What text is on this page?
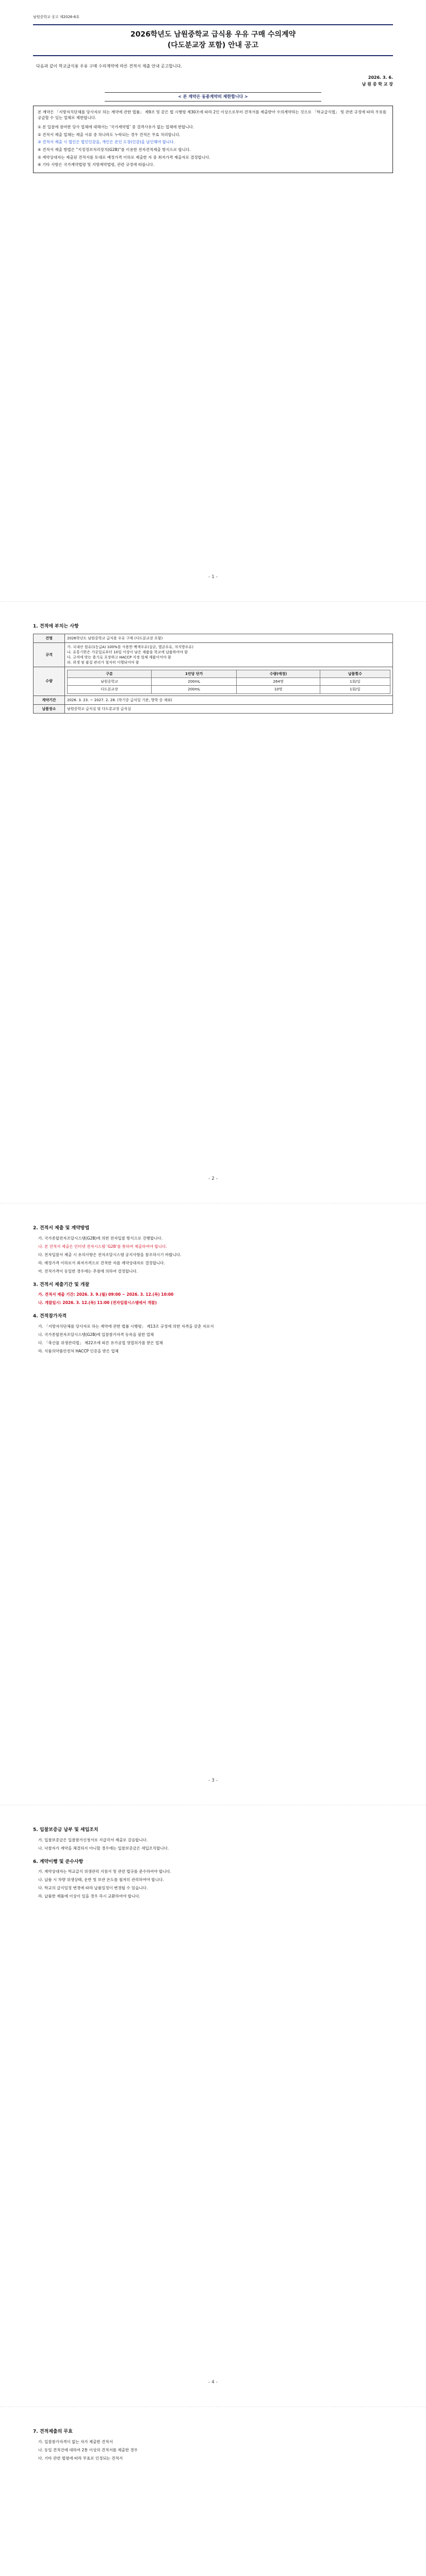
남원중학교 공고 제2026-6호
2026학년도 남원중학교 급식용 우유 구매 수의계약
(다도분교장 포함) 안내 공고
다음과 같이 학교급식용 우유 구매 수의계약에 따른 견적서 제출 안내 공고합니다.
2026. 3. 6.
남 원 중 학 교 장
< 본 계약은 동종계약의 제한합니다 >

본 계약은 「지방자치단체를 당사자로 하는 계약에 관한 법률」 제9조 및 같은 법 시행령 제30조에 따라 2인 이상으로부터 견적서를 제출받아 수의계약하는 것으로 「학교급식법」 및 관련 규정에 따라 우유를 공급할 수 있는 업체로 제한합니다.

① 본 입찰에 참여한 당사 업체에 대해서는 ‘국가계약법’ 중 결격사유가 없는 업체에 한합니다.
② 견적서 제출 업체는 제출 서류 중 하나라도 누락되는 경우 견적은 무효 처리합니다.
③ 견적서 제출 시 법인은 법인인감을, 개인은 본인 도장(인감)을 날인해야 합니다.
④ 견적서 제출 방법은 “지정정보처리장치(G2B)”를 이용한 전자견적제출 방식으로 합니다.
⑤ 계약상대자는 제출된 견적서를 토대로 예정가격 이하로 제출한 자 중 최저가격 제출자로 결정합니다.
⑥ 기타 사항은 국가계약법령 및 지방계약법령, 관련 규정에 따릅니다.
- 1 -
1. 견적에 부치는 사항
건명	2026학년도 남원중학교 급식용 우유 구매 (다도분교장 포함)
규격	
가. 국내산 원유(1등급A) 100%를 사용한 백색우유(살균, 멸균우유, 저지방우유)
나. 유통기한은 가공일로부터 10일 이상이 남은 제품을 학교에 납품하여야 함
다. 규격에 맞는 용기로 포장하고 HACCP 지정 업체 제품이어야 함
라. 위생 및 품질 관리가 철저히 이행되어야 함

수량	
구분	1인당 단가	수량(예정)	납품횟수
남원중학교	200mL	264명	1회/일
다도분교장	200mL	10명	1회/일

계약기간	2026. 3. 23. ~ 2027. 2. 28. (학기중 급식일 기준, 방학 중 제외)
납품장소	남원중학교 급식실 및 다도분교장 급식실
- 2 -
2. 견적서 제출 및 계약방법

가. 국가종합전자조달시스템(G2B)에 의한 전자입찰 방식으로 진행합니다.

나. 본 견적서 제출은 인터넷 전자시스템 ‘G2B’를 통하여 제출하여야 합니다.

다. 전자입찰서 제출 시 유의사항은 전자조달시스템 공지사항을 참조하시기 바랍니다.

라. 예정가격 이하로서 최저가격으로 견적한 자를 계약상대자로 결정합니다.

마. 견적가격이 동일한 경우에는 추첨에 의하여 결정합니다.

3. 견적서 제출기간 및 개찰

가. 견적서 제출 기간: 2026. 3. 9.(월) 09:00 ~ 2026. 3. 12.(목) 10:00

나. 개찰일시: 2026. 3. 12.(목) 11:00 (전자입찰시스템에서 개찰)

4. 견적참가자격

가. 「지방자치단체를 당사자로 하는 계약에 관한 법률 시행령」 제13조 규정에 의한 자격을 갖춘 자로서

나. 국가종합전자조달시스템(G2B)에 입찰참가자격 등록을 필한 업체

다. 「축산물 위생관리법」 제22조에 따른 유가공업 영업허가를 받은 업체

라. 식품의약품안전처 HACCP 인증을 받은 업체

- 3 -
5. 입찰보증금 납부 및 세입조치

가. 입찰보증금은 입찰참가신청서로 지급각서 제출로 갈음합니다.

나. 낙찰자가 계약을 체결하지 아니할 경우에는 입찰보증금은 세입조치합니다.

6. 계약이행 및 준수사항

가. 계약상대자는 학교급식 위생관리 지침서 및 관련 법규를 준수하여야 합니다.

나. 납품 시 차량 위생상태, 운반 및 보관 온도를 철저히 관리하여야 합니다.

다. 학교의 급식일정 변경에 따라 납품일정이 변경될 수 있습니다.

라. 납품한 제품에 이상이 있을 경우 즉시 교환하여야 합니다.

- 4 -
7. 견적제출의 무효

가. 입찰참가자격이 없는 자가 제출한 견적서

나. 동일 견적건에 대하여 2통 이상의 견적서를 제출한 경우

다. 기타 관련 법령에 따라 무효로 인정되는 견적서
